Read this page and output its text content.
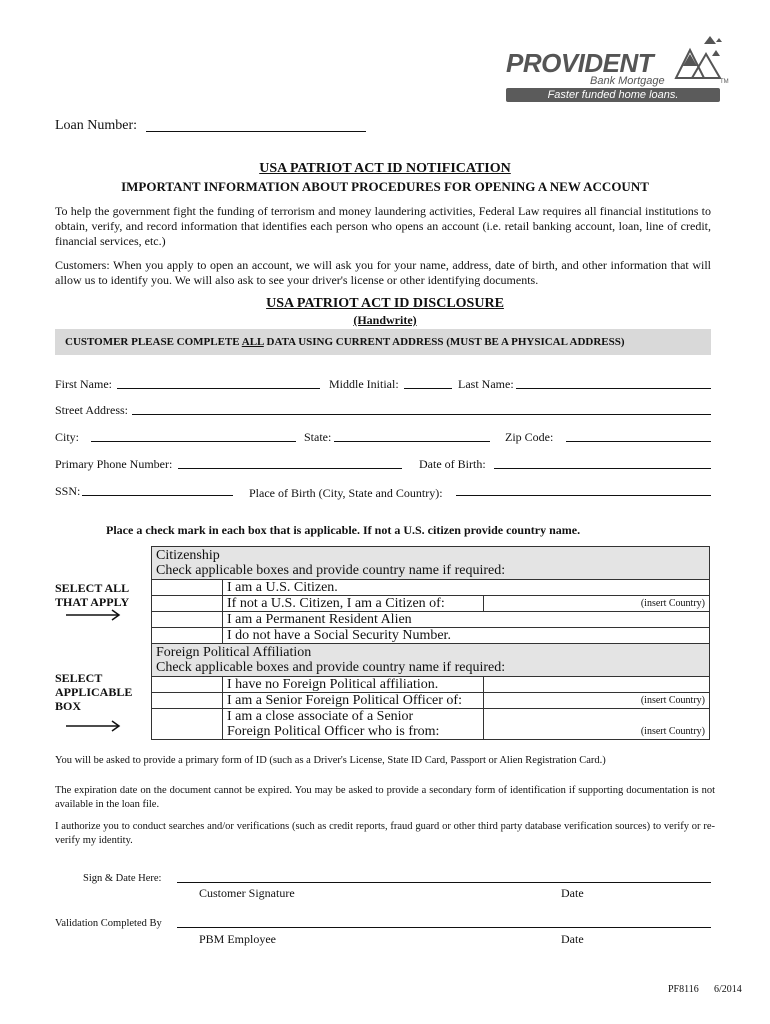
PROVIDENT
Bank Mortgage	TM
Faster funded home loans.
Loan Number:
USA PATRIOT ACT ID NOTIFICATION
IMPORTANT INFORMATION ABOUT PROCEDURES FOR OPENING A NEW ACCOUNT
To help the government fight the funding of terrorism and money laundering activities, Federal Law requires all financial institutions to obtain, verify, and record information that identifies each person who opens an account (i.e. retail banking account, loan, line of credit, financial services, etc.)
Customers: When you apply to open an account, we will ask you for your name, address, date of birth, and other information that will allow us to identify you. We will also ask to see your driver's license or other identifying documents.
USA PATRIOT ACT ID DISCLOSURE
(Handwrite)
CUSTOMER PLEASE COMPLETE ALL DATA USING CURRENT ADDRESS (MUST BE A PHYSICAL ADDRESS)
First Name:	Middle Initial:	Last Name:
Street Address:
City:	State:	Zip Code:
Primary Phone Number:	Date of Birth:
SSN:	Place of Birth (City, State and Country):
Place a check mark in each box that is applicable. If not a U.S. citizen provide country name.
SELECT ALL
THAT APPLY
SELECT
APPLICABLE
BOX
Citizenship
Check applicable boxes and provide country name if required:		

	I am a U.S. Citizen.	
	If not a U.S. Citizen, I am a Citizen of:	(insert Country)
	I am a Permanent Resident Alien	
	I do not have a Social Security Number.	

Foreign Political Affiliation
Check applicable boxes and provide country name if required:		

	I have no Foreign Political affiliation.	
	I am a Senior Foreign Political Officer of:	(insert Country)

	I am a close associate of a Senior
Foreign Political Officer who is from:	(insert Country)
You will be asked to provide a primary form of ID (such as a Driver's License, State ID Card, Passport or Alien Registration Card.)
The expiration date on the document cannot be expired. You may be asked to provide a secondary form of identification if supporting documentation is not available in the loan file.
I authorize you to conduct searches and/or verifications (such as credit reports, fraud guard or other third party database verification sources) to verify or re-verify my identity.
Sign & Date Here:
Customer Signature	Date
Validation Completed By
PBM Employee	Date
PF8116 6/2014
